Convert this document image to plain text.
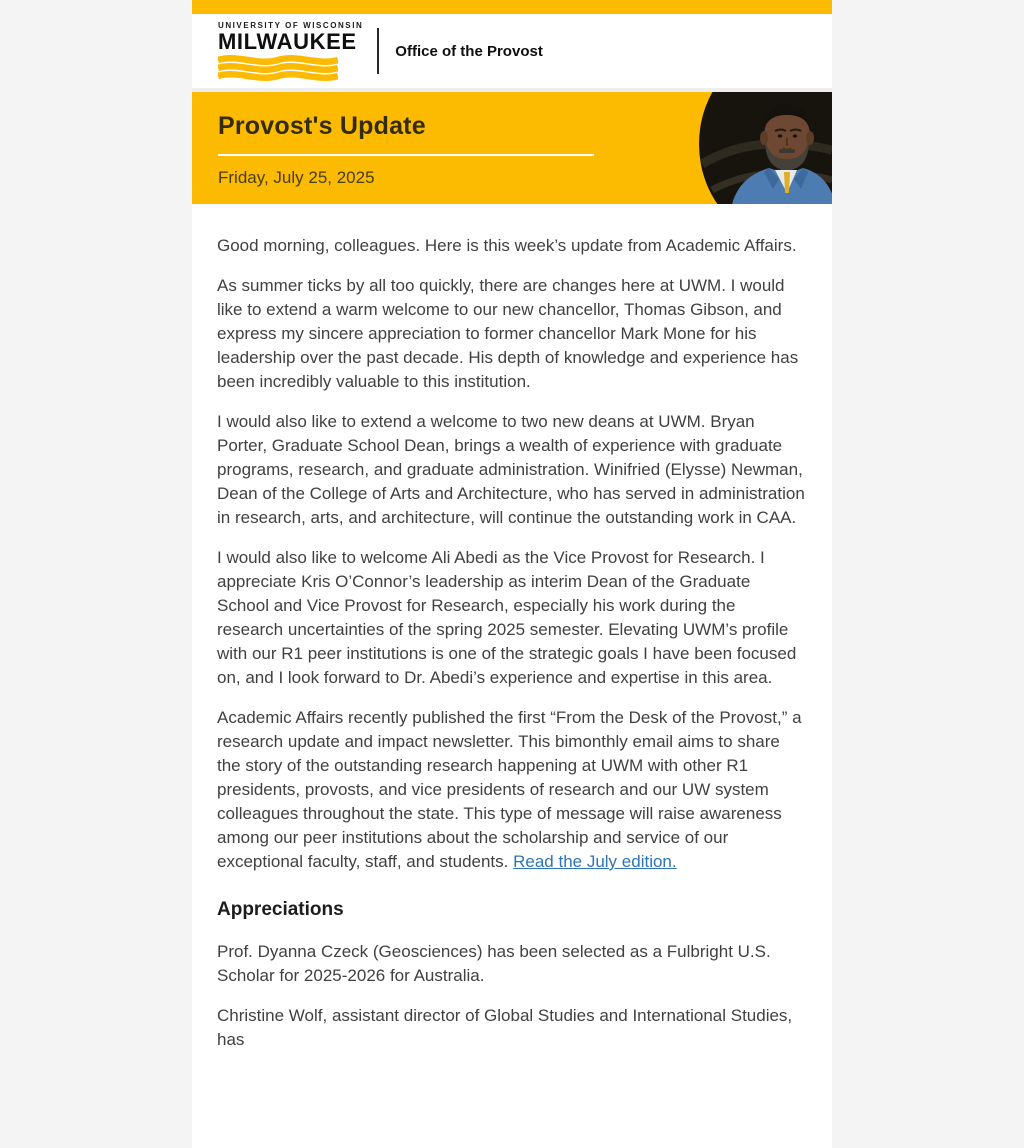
UNIVERSITY OF WISCONSIN
MILWAUKEE	Office of the Provost
Provost's Update
Friday, July 25, 2025

Good morning, colleagues. Here is this week’s update from Academic Affairs.

As summer ticks by all too quickly, there are changes here at UWM. I would like to extend a warm welcome to our new chancellor, Thomas Gibson, and express my sincere appreciation to former chancellor Mark Mone for his leadership over the past decade. His depth of knowledge and experience has been incredibly valuable to this institution.

I would also like to extend a welcome to two new deans at UWM. Bryan Porter, Graduate School Dean, brings a wealth of experience with graduate programs, research, and graduate administration. Winifried (Elysse) Newman, Dean of the College of Arts and Architecture, who has served in administration in research, arts, and architecture, will continue the outstanding work in CAA.

I would also like to welcome Ali Abedi as the Vice Provost for Research. I appreciate Kris O’Connor’s leadership as interim Dean of the Graduate School and Vice Provost for Research, especially his work during the research uncertainties of the spring 2025 semester. Elevating UWM’s profile with our R1 peer institutions is one of the strategic goals I have been focused on, and I look forward to Dr. Abedi’s experience and expertise in this area.

Academic Affairs recently published the first “From the Desk of the Provost,” a research update and impact newsletter. This bimonthly email aims to share the story of the outstanding research happening at UWM with other R1 presidents, provosts, and vice presidents of research and our UW system colleagues throughout the state. This type of message will raise awareness among our peer institutions about the scholarship and service of our exceptional faculty, staff, and students. Read the July edition.

Appreciations

Prof. Dyanna Czeck (Geosciences) has been selected as a Fulbright U.S. Scholar for 2025-2026 for Australia.

Christine Wolf, assistant director of Global Studies and International Studies, has
